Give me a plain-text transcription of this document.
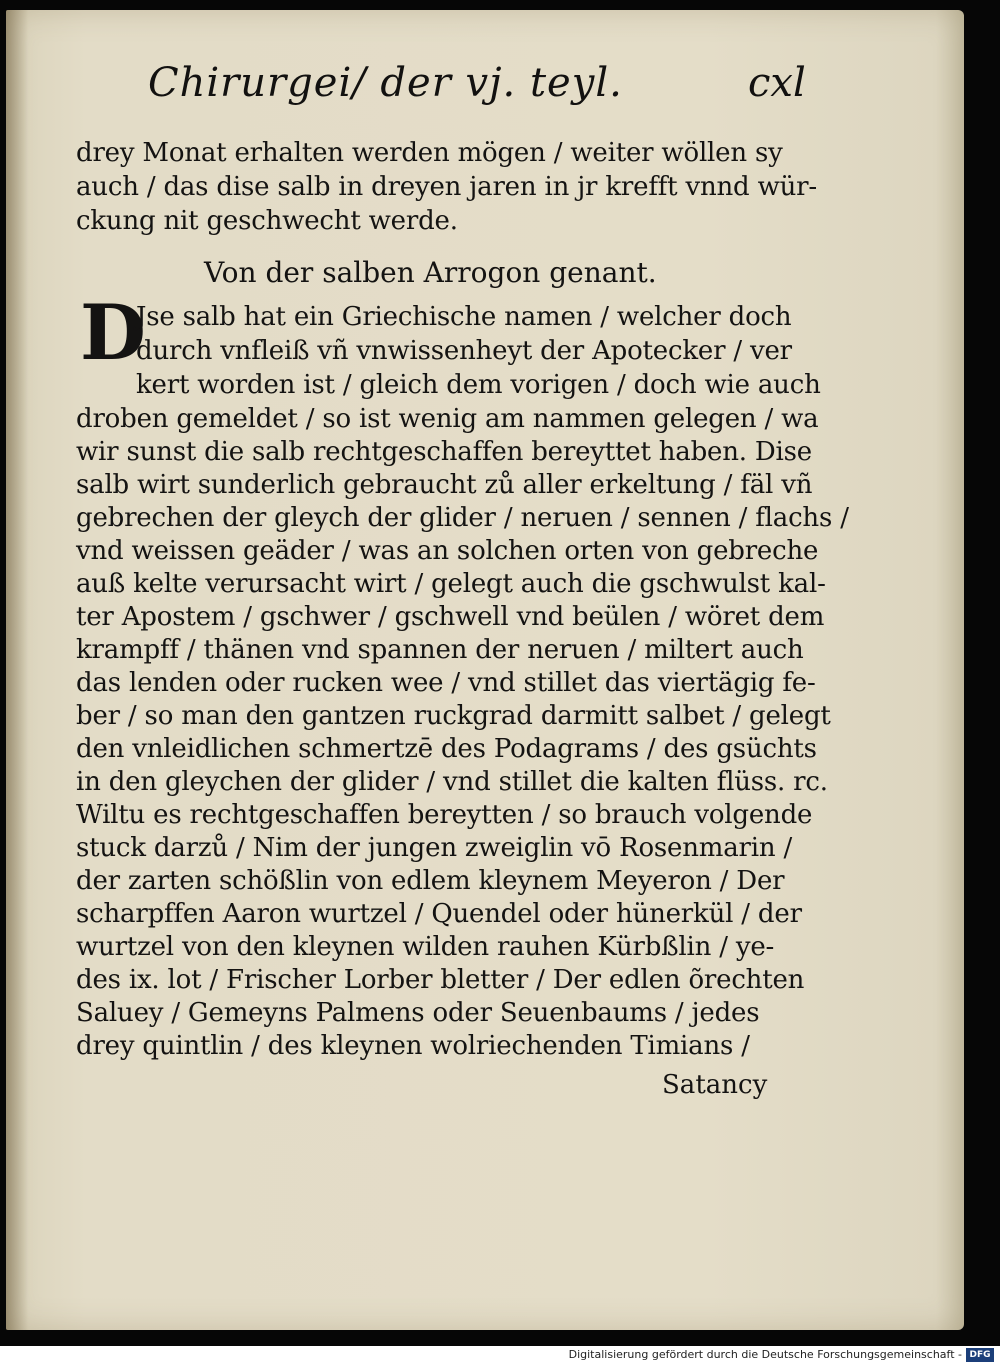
Chirurgei/ der vj. teyl.	cxl
drey Monat erhalten werden mögen / weiter wöllen sy
auch / das dise salb in dreyen jaren in jr krefft vnnd wür-
ckung nit geschwecht werde.
Von der salben Arrogon genant.
D
Jse salb hat ein Griechische namen / welcher doch
durch vnfleiß vñ vnwissenheyt der Apotecker / ver
kert worden ist / gleich dem vorigen / doch wie auch
droben gemeldet / so ist wenig am nammen gelegen / wa
wir sunst die salb rechtgeschaffen bereyttet haben. Dise
salb wirt sunderlich gebraucht zů aller erkeltung / fäl vñ
gebrechen der gleych der glider / neruen / sennen / flachs /
vnd weissen geäder / was an solchen orten von gebreche
auß kelte verursacht wirt / gelegt auch die gschwulst kal-
ter Apostem / gschwer / gschwell vnd beülen / wöret dem
krampff / thänen vnd spannen der neruen / miltert auch
das lenden oder rucken wee / vnd stillet das viertägig fe-
ber / so man den gantzen ruckgrad darmitt salbet / gelegt
den vnleidlichen schmertzē des Podagrams / des gsüchts
in den gleychen der glider / vnd stillet die kalten flüss. rc.
Wiltu es rechtgeschaffen bereytten / so brauch volgende
stuck darzů / Nim der jungen zweiglin vō Rosenmarin /
der zarten schößlin von edlem kleynem Meyeron / Der
scharpffen Aaron wurtzel / Quendel oder hünerkül / der
wurtzel von den kleynen wilden rauhen Kürbßlin / ye-
des ix. lot / Frischer Lorber bletter / Der edlen õrechten
Saluey / Gemeyns Palmens oder Seuenbaums / jedes
drey quintlin / des kleynen wolriechenden Timians /
Satancy
Digitalisierung gefördert durch die Deutsche Forschungsgemeinschaft - DFG
